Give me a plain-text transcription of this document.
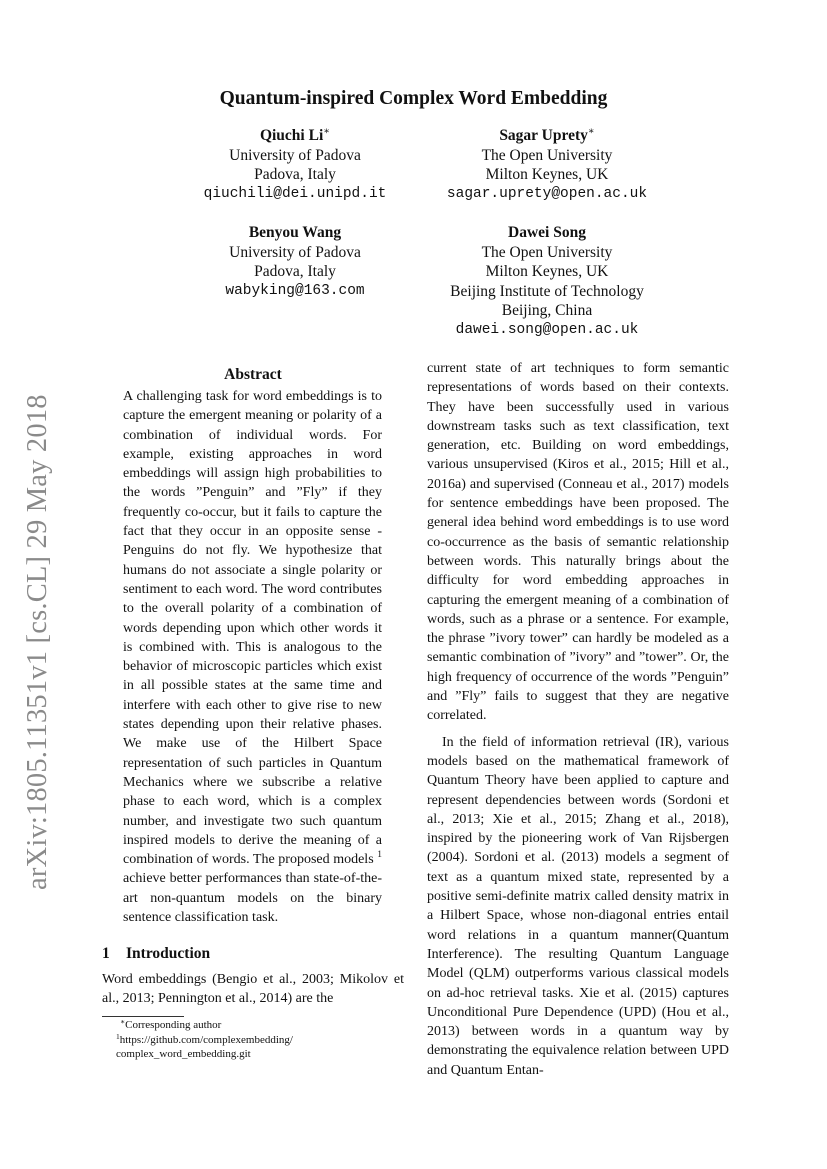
arXiv:1805.11351v1 [cs.CL] 29 May 2018
Quantum-inspired Complex Word Embedding
Qiuchi Li∗
University of Padova
Padova, Italy
qiuchili@dei.unipd.it
Sagar Uprety∗
The Open University
Milton Keynes, UK
sagar.uprety@open.ac.uk
Benyou Wang
University of Padova
Padova, Italy
wabyking@163.com
Dawei Song
The Open University
Milton Keynes, UK
Beijing Institute of Technology
Beijing, China
dawei.song@open.ac.uk
Abstract
A challenging task for word embeddings is to capture the emergent meaning or polarity of a combination of individual words. For example, existing approaches in word embeddings will assign high probabilities to the words ”Penguin” and ”Fly” if they frequently co-occur, but it fails to capture the fact that they occur in an opposite sense - Penguins do not fly. We hypothesize that humans do not associate a single polarity or sentiment to each word. The word contributes to the overall polarity of a combination of words depending upon which other words it is combined with. This is analogous to the behavior of microscopic particles which exist in all possible states at the same time and interfere with each other to give rise to new states depending upon their relative phases. We make use of the Hilbert Space representation of such particles in Quantum Mechanics where we subscribe a relative phase to each word, which is a complex number, and investigate two such quantum inspired models to derive the meaning of a combination of words. The proposed models $^1$ achieve better performances than state-of-the-art non-quantum models on the binary sentence classification task.
1 Introduction
Word embeddings (Bengio et al., 2003; Mikolov et al., 2013; Pennington et al., 2014) are the
∗Corresponding author
$^1$https://github.com/complexembedding/ complex_word_embedding.git

current state of art techniques to form semantic representations of words based on their contexts. They have been successfully used in various downstream tasks such as text classification, text generation, etc. Building on word embeddings, various unsupervised (Kiros et al., 2015; Hill et al., 2016a) and supervised (Conneau et al., 2017) models for sentence embeddings have been proposed. The general idea behind word embeddings is to use word co-occurrence as the basis of semantic relationship between words. This naturally brings about the difficulty for word embedding approaches in capturing the emergent meaning of a combination of words, such as a phrase or a sentence. For example, the phrase ”ivory tower” can hardly be modeled as a semantic combination of ”ivory” and ”tower”. Or, the high frequency of occurrence of the words ”Penguin” and ”Fly” fails to suggest that they are negative correlated.

In the field of information retrieval (IR), various models based on the mathematical framework of Quantum Theory have been applied to capture and represent dependencies between words (Sordoni et al., 2013; Xie et al., 2015; Zhang et al., 2018), inspired by the pioneering work of Van Rijsbergen (2004). Sordoni et al. (2013) models a segment of text as a quantum mixed state, represented by a positive semi-definite matrix called density matrix in a Hilbert Space, whose non-diagonal entries entail word relations in a quantum manner(Quantum Interference). The resulting Quantum Language Model (QLM) outperforms various classical models on ad-hoc retrieval tasks. Xie et al. (2015) captures Unconditional Pure Dependence (UPD) (Hou et al., 2013) between words in a quantum way by demonstrating the equivalence relation between UPD and Quantum Entan-
